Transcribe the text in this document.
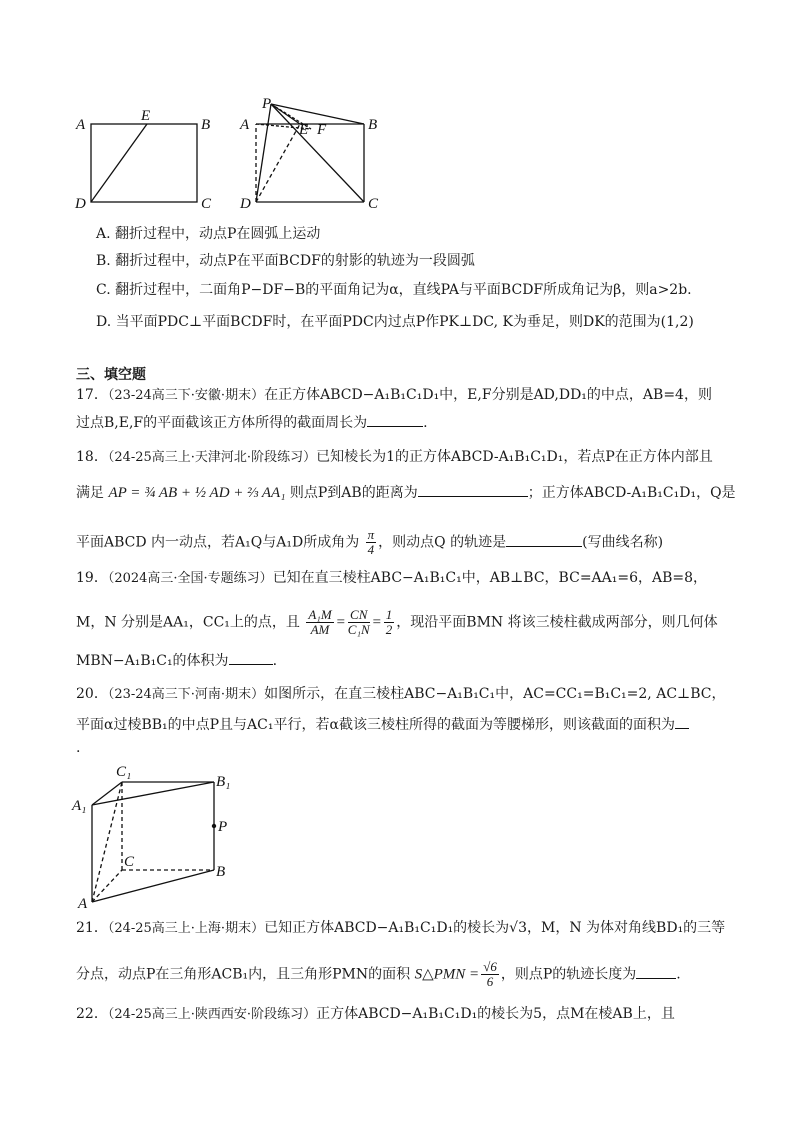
A
E
B
D	C
P
A	E F	B
D	C
A. 翻折过程中，动点P在圆弧上运动
B. 翻折过程中，动点P在平面BCDF的射影的轨迹为一段圆弧
C. 翻折过程中，二面角P−DF−B的平面角记为α，直线PA与平面BCDF所成角记为β，则a>2b.
D. 当平面PDC⊥平面BCDF时，在平面PDC内过点P作PK⊥DC, K为垂足，则DK的范围为(1,2)
三、填空题
17．（23-24高三下·安徽·期末）在正方体ABCD−A₁B₁C₁D₁中，E,F分别是AD,DD₁的中点，AB=4，则
过点B,E,F的平面截该正方体所得的截面周长为	.
18．（24-25高三上·天津河北·阶段练习）已知棱长为1的正方体ABCD-A₁B₁C₁D₁，若点P在正方体内部且
满足 AP = ¾ AB + ½ AD + ⅔ AA₁ 则点P到AB的距离为	；正方体ABCD-A₁B₁C₁D₁，Q是
平面ABCD 内一动点，若A₁Q与A₁D所成角为 $\frac{\pi}{4}$ ，则动点Q 的轨迹是	(写曲线名称)
19．（2024高三·全国·专题练习）已知在直三棱柱ABC−A₁B₁C₁中，AB⊥BC，BC=AA₁=6，AB=8，
M，N 分别是AA₁，CC₁上的点，且 $\frac{\text{A₁M}}{AM} = \frac{CN}{\text{C₁N}} = \frac{1}{2}$ ，现沿平面BMN 将该三棱柱截成两部分，则几何体
MBN−A₁B₁C₁的体积为	.
20．（23-24高三下·河南·期末）如图所示，在直三棱柱ABC−A₁B₁C₁中，AC=CC₁=B₁C₁=2, AC⊥BC，
平面α过棱BB₁的中点P且与AC₁平行，若α截该三棱柱所得的截面为等腰梯形，则该截面的面积为
.
C₁
B₁
A₁
P
C
B
A
21．（24-25高三上·上海·期末）已知正方体ABCD−A₁B₁C₁D₁的棱长为√3，M，N 为体对角线BD₁的三等
分点，动点P在三角形ACB₁内，且三角形PMN的面积 S△PMN = $\frac{√6}{6}$ ，则点P的轨迹长度为	.
22．（24-25高三上·陕西西安·阶段练习）正方体ABCD−A₁B₁C₁D₁的棱长为5，点M在棱AB上，且
